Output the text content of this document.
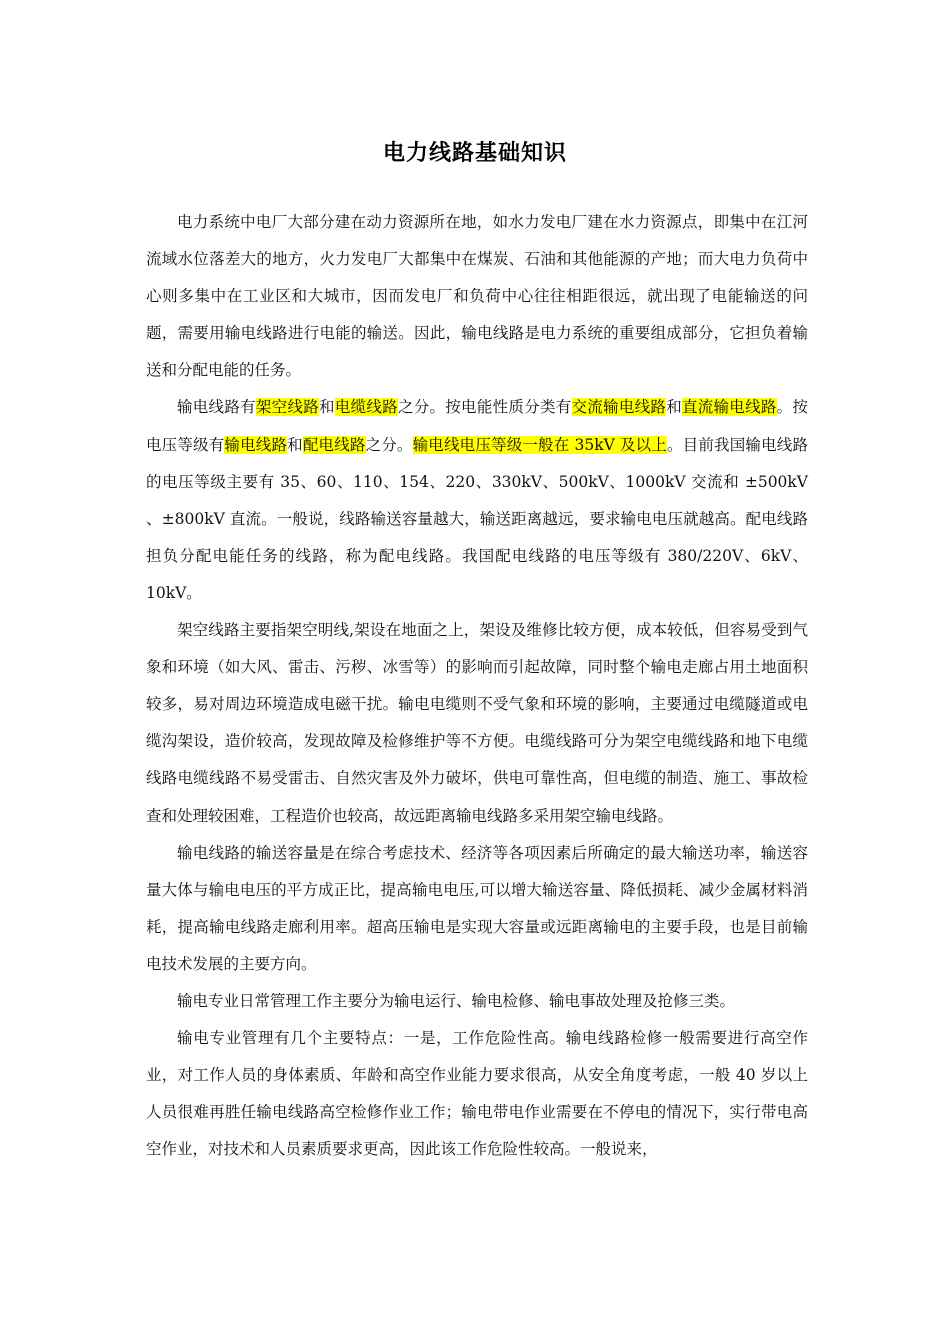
电力线路基础知识

电力系统中电厂大部分建在动力资源所在地，如水力发电厂建在水力资源点，即集中在江河流域水位落差大的地方，火力发电厂大都集中在煤炭、石油和其他能源的产地；而大电力负荷中心则多集中在工业区和大城市，因而发电厂和负荷中心往往相距很远，就出现了电能输送的问题，需要用输电线路进行电能的输送。因此，输电线路是电力系统的重要组成部分，它担负着输送和分配电能的任务。

输电线路有架空线路和电缆线路之分。按电能性质分类有交流输电线路和直流输电线路。按电压等级有输电线路和配电线路之分。输电线电压等级一般在 35kV 及以上。目前我国输电线路的电压等级主要有 35、60、110、154、220、330kV、500kV、1000kV 交流和 ±500kV 、±800kV 直流。一般说，线路输送容量越大，输送距离越远，要求输电电压就越高。配电线路担负分配电能任务的线路，称为配电线路。我国配电线路的电压等级有 380/220V、6kV、10kV。

架空线路主要指架空明线,架设在地面之上，架设及维修比较方便，成本较低，但容易受到气象和环境（如大风、雷击、污秽、冰雪等）的影响而引起故障，同时整个输电走廊占用土地面积较多，易对周边环境造成电磁干扰。输电电缆则不受气象和环境的影响，主要通过电缆隧道或电缆沟架设，造价较高，发现故障及检修维护等不方便。电缆线路可分为架空电缆线路和地下电缆线路电缆线路不易受雷击、自然灾害及外力破坏，供电可靠性高，但电缆的制造、施工、事故检查和处理较困难，工程造价也较高，故远距离输电线路多采用架空输电线路。

输电线路的输送容量是在综合考虑技术、经济等各项因素后所确定的最大输送功率，输送容量大体与输电电压的平方成正比，提高输电电压,可以增大输送容量、降低损耗、减少金属材料消耗，提高输电线路走廊利用率。超高压输电是实现大容量或远距离输电的主要手段，也是目前输电技术发展的主要方向。

输电专业日常管理工作主要分为输电运行、输电检修、输电事故处理及抢修三类。

输电专业管理有几个主要特点：一是，工作危险性高。输电线路检修一般需要进行高空作业，对工作人员的身体素质、年龄和高空作业能力要求很高，从安全角度考虑，一般 40 岁以上人员很难再胜任输电线路高空检修作业工作；输电带电作业需要在不停电的情况下，实行带电高空作业，对技术和人员素质要求更高，因此该工作危险性较高。一般说来，
